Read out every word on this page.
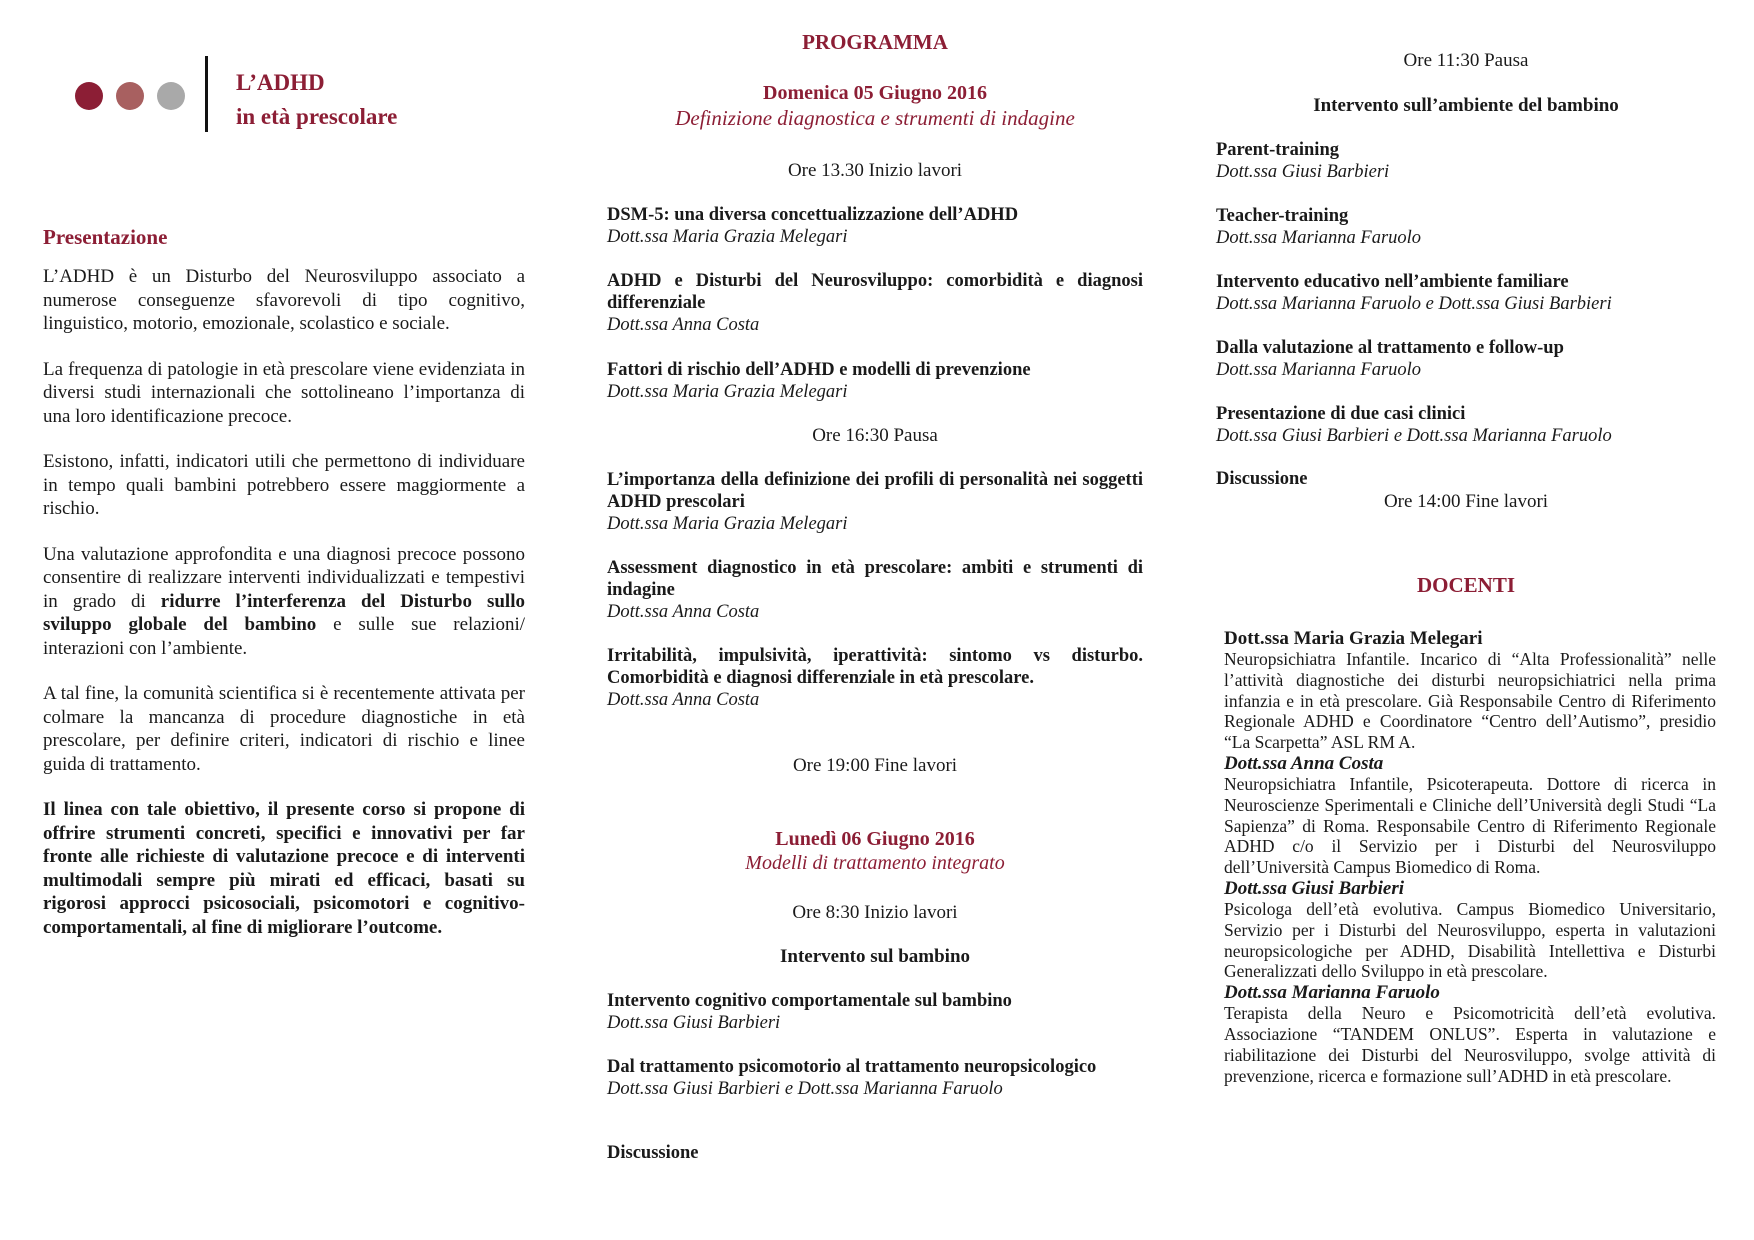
L’ADHD
in età prescolare
Presentazione

L’ADHD è un Disturbo del Neurosviluppo associato a numerose conseguenze sfavorevoli di tipo cognitivo, linguistico, motorio, emozionale, scolastico e sociale.

La frequenza di patologie in età prescolare viene evidenziata in diversi studi internazionali che sottolineano l’importanza di una loro identificazione precoce.

Esistono, infatti, indicatori utili che permettono di individuare in tempo quali bambini potrebbero essere maggiormente a rischio.

Una valutazione approfondita e una diagnosi precoce possono consentire di realizzare interventi individualizzati e tempestivi in grado di ridurre l’interferenza del Disturbo sullo sviluppo globale del bambino e sulle sue relazioni/ interazioni con l’ambiente.

A tal fine, la comunità scientifica si è recentemente attivata per colmare la mancanza di procedure diagnostiche in età prescolare, per definire criteri, indicatori di rischio e linee guida di trattamento.

Il linea con tale obiettivo, il presente corso si propone di offrire strumenti concreti, specifici e innovativi per far fronte alle richieste di valutazione precoce e di interventi multimodali sempre più mirati ed efficaci, basati su rigorosi approcci psicosociali, psicomotori e cognitivo-comportamentali, al fine di migliorare l’outcome.

PROGRAMMA
Domenica 05 Giugno 2016
Definizione diagnostica e strumenti di indagine
Ore 13.30 Inizio lavori
DSM-5: una diversa concettualizzazione dell’ADHD
Dott.ssa Maria Grazia Melegari
ADHD e Disturbi del Neurosviluppo: comorbidità e diagnosi differenziale
Dott.ssa Anna Costa
Fattori di rischio dell’ADHD e modelli di prevenzione
Dott.ssa Maria Grazia Melegari
Ore 16:30 Pausa
L’importanza della definizione dei profili di personalità nei soggetti ADHD prescolari
Dott.ssa Maria Grazia Melegari
Assessment diagnostico in età prescolare: ambiti e strumenti di indagine
Dott.ssa Anna Costa
Irritabilità, impulsività, iperattività: sintomo vs disturbo. Comorbidità e diagnosi differenziale in età prescolare.
Dott.ssa Anna Costa
Ore 19:00 Fine lavori
Lunedì 06 Giugno 2016
Modelli di trattamento integrato
Ore 8:30 Inizio lavori
Intervento sul bambino
Intervento cognitivo comportamentale sul bambino
Dott.ssa Giusi Barbieri
Dal trattamento psicomotorio al trattamento neuropsicologico
Dott.ssa Giusi Barbieri e Dott.ssa Marianna Faruolo
Discussione
Ore 11:30 Pausa
Intervento sull’ambiente del bambino
Parent-training
Dott.ssa Giusi Barbieri
Teacher-training
Dott.ssa Marianna Faruolo
Intervento educativo nell’ambiente familiare
Dott.ssa Marianna Faruolo e Dott.ssa Giusi Barbieri
Dalla valutazione al trattamento e follow-up
Dott.ssa Marianna Faruolo
Presentazione di due casi clinici
Dott.ssa Giusi Barbieri e Dott.ssa Marianna Faruolo
Discussione
Ore 14:00 Fine lavori
DOCENTI
Dott.ssa Maria Grazia Melegari
Neuropsichiatra Infantile. Incarico di “Alta Professionalità” nelle l’attività diagnostiche dei disturbi neuropsichiatrici nella prima infanzia e in età prescolare. Già Responsabile Centro di Riferimento Regionale ADHD e Coordinatore “Centro dell’Autismo”, presidio “La Scarpetta” ASL RM A.
Dott.ssa Anna Costa
Neuropsichiatra Infantile, Psicoterapeuta. Dottore di ricerca in Neuroscienze Sperimentali e Cliniche dell’Università degli Studi “La Sapienza” di Roma. Responsabile Centro di Riferimento Regionale ADHD c/o il Servizio per i Disturbi del Neurosviluppo dell’Università Campus Biomedico di Roma.
Dott.ssa Giusi Barbieri
Psicologa dell’età evolutiva. Campus Biomedico Universitario, Servizio per i Disturbi del Neurosviluppo, esperta in valutazioni neuropsicologiche per ADHD, Disabilità Intellettiva e Disturbi Generalizzati dello Sviluppo in età prescolare.
Dott.ssa Marianna Faruolo
Terapista della Neuro e Psicomotricità dell’età evolutiva. Associazione “TANDEM ONLUS”. Esperta in valutazione e riabilitazione dei Disturbi del Neurosviluppo, svolge attività di prevenzione, ricerca e formazione sull’ADHD in età prescolare.
